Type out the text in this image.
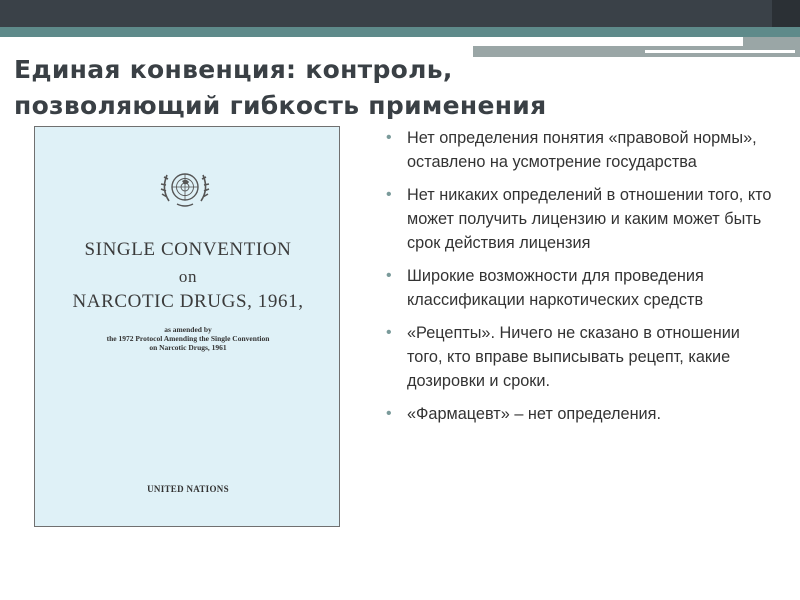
Единая конвенция: контроль,
позволяющий гибкость применения
SINGLE CONVENTION
on
NARCOTIC DRUGS, 1961,
as amended by
the 1972 Protocol Amending the Single Convention
on Narcotic Drugs, 1961
UNITED NATIONS
• Нет определения понятия «правовой нормы», оставлено на усмотрение государства
• Нет никаких определений в отношении того, кто может получить лицензию и каким может быть срок действия лицензия
• Широкие возможности для проведения классификации наркотических средств
• «Рецепты». Ничего не сказано в отношении того, кто вправе выписывать рецепт, какие дозировки и сроки.
• «Фармацевт» – нет определения.
